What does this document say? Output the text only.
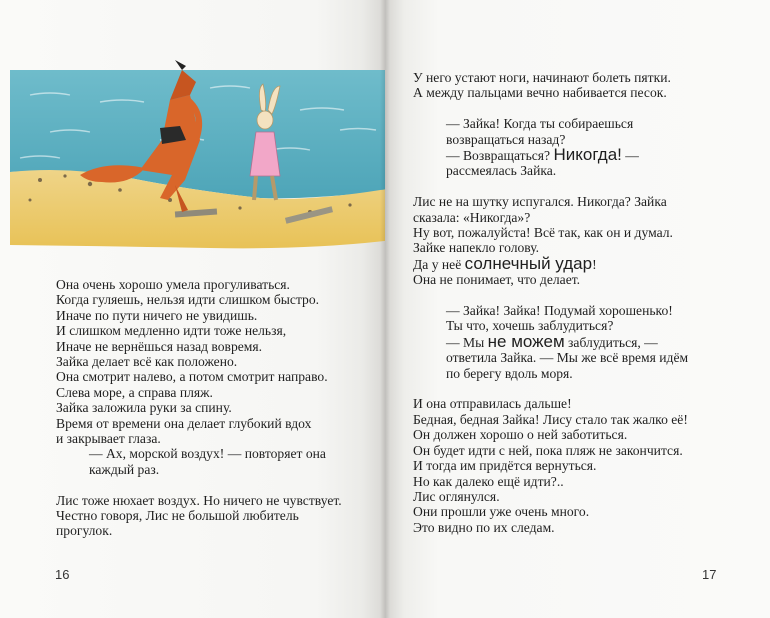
Она очень хорошо умела прогуливаться.
Когда гуляешь, нельзя идти слишком быстро.
Иначе по пути ничего не увидишь.
И слишком медленно идти тоже нельзя,
Иначе не вернёшься назад вовремя.
Зайка делает всё как положено.
Она смотрит налево, а потом смотрит направо.
Слева море, а справа пляж.
Зайка заложила руки за спину.
Время от времени она делает глубокий вдох
и закрывает глаза.
— Ах, морской воздух! — повторяет она
каждый раз.
Лис тоже нюхает воздух. Но ничего не чувствует.
Честно говоря, Лис не большой любитель
прогулок.
16
У него устают ноги, начинают болеть пятки.
А между пальцами вечно набивается песок.
— Зайка! Когда ты собираешься
возвращаться назад?
— Возвращаться? Никогда! —
рассмеялась Зайка.
Лис не на шутку испугался. Никогда? Зайка
сказала: «Никогда»?
Ну вот, пожалуйста! Всё так, как он и думал.
Зайке напекло голову.
Да у неё солнечный удар!
Она не понимает, что делает.
— Зайка! Зайка! Подумай хорошенько!
Ты что, хочешь заблудиться?
— Мы не можем заблудиться, —
ответила Зайка. — Мы же всё время идём
по берегу вдоль моря.
И она отправилась дальше!
Бедная, бедная Зайка! Лису стало так жалко её!
Он должен хорошо о ней заботиться.
Он будет идти с ней, пока пляж не закончится.
И тогда им придётся вернуться.
Но как далеко ещё идти?..
Лис оглянулся.
Они прошли уже очень много.
Это видно по их следам.
17
